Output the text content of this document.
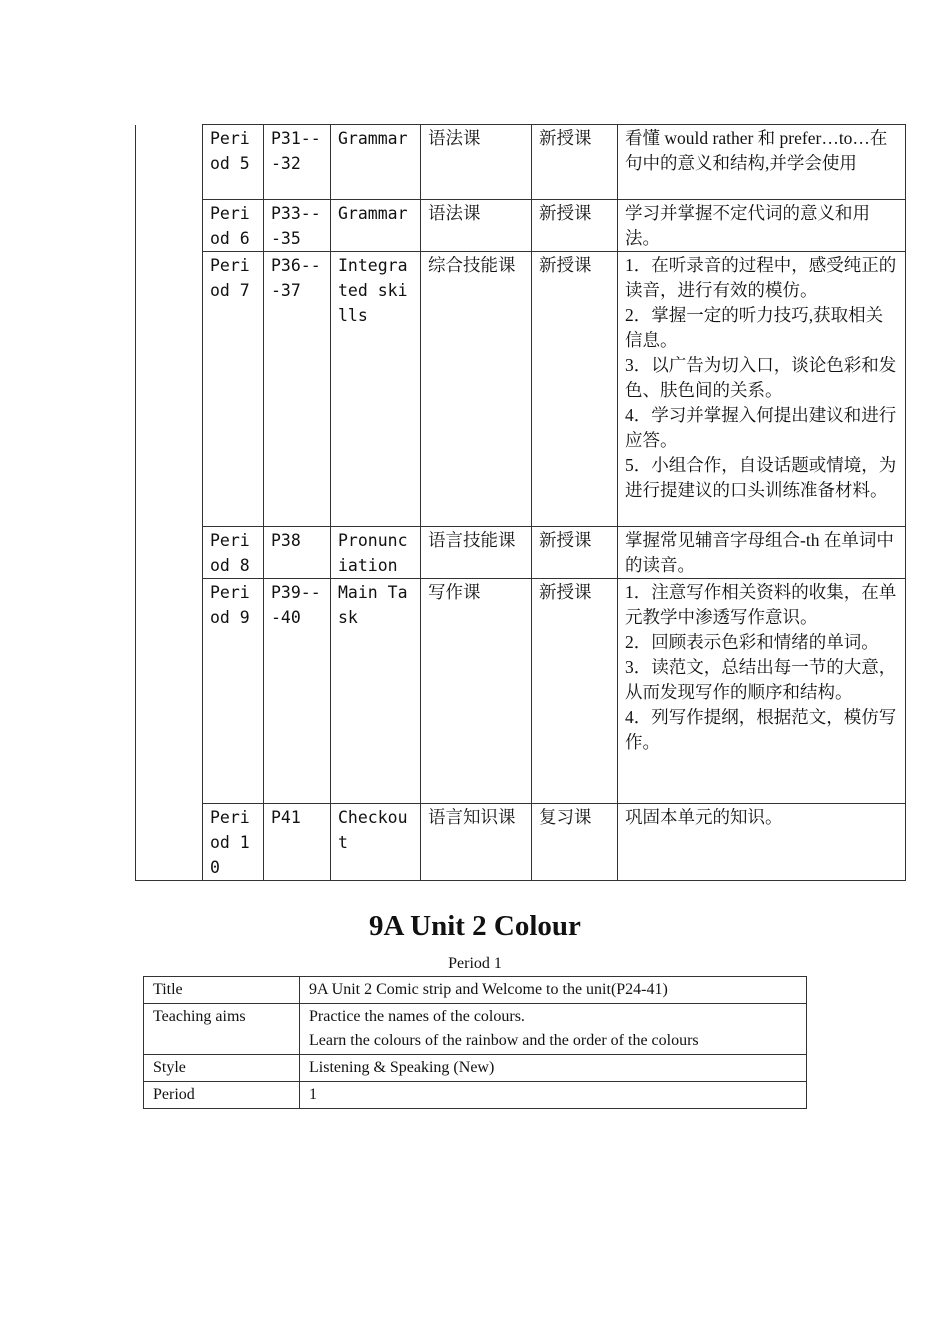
	Period 5	P31---32	Grammar	语法课	新授课	看懂 would rather 和 prefer…to…在句中的意义和结构,并学会使用

	Period 6	P33---35	Grammar	语法课	新授课	学习并掌握不定代词的意义和用法。

	Period 7	P36---37	Integrated skills	综合技能课	新授课	1．在听录音的过程中，感受纯正的读音，进行有效的模仿。
2．掌握一定的听力技巧,获取相关信息。
3．以广告为切入口，谈论色彩和发色、肤色间的关系。
4．学习并掌握入何提出建议和进行应答。
5．小组合作，自设话题或情境，为进行提建议的口头训练准备材料。

	Period 8	P38	Pronunciation	语言技能课	新授课	掌握常见辅音字母组合-th 在单词中的读音。

	Period 9	P39---40	Main Task	写作课	新授课	1．注意写作相关资料的收集，在单元教学中渗透写作意识。
2．回顾表示色彩和情绪的单词。
3．读范文，总结出每一节的大意，从而发现写作的顺序和结构。
4．列写作提纲，根据范文，模仿写作。

	Period 10	P41	Checkout	语言知识课	复习课	巩固本单元的知识。
9A Unit 2 Colour
Period 1
Title	9A Unit 2 Comic strip and Welcome to the unit(P24-41)
Teaching aims	Practice the names of the colours.
Learn the colours of the rainbow and the order of the colours

Style	Listening & Speaking (New)
Period	1
